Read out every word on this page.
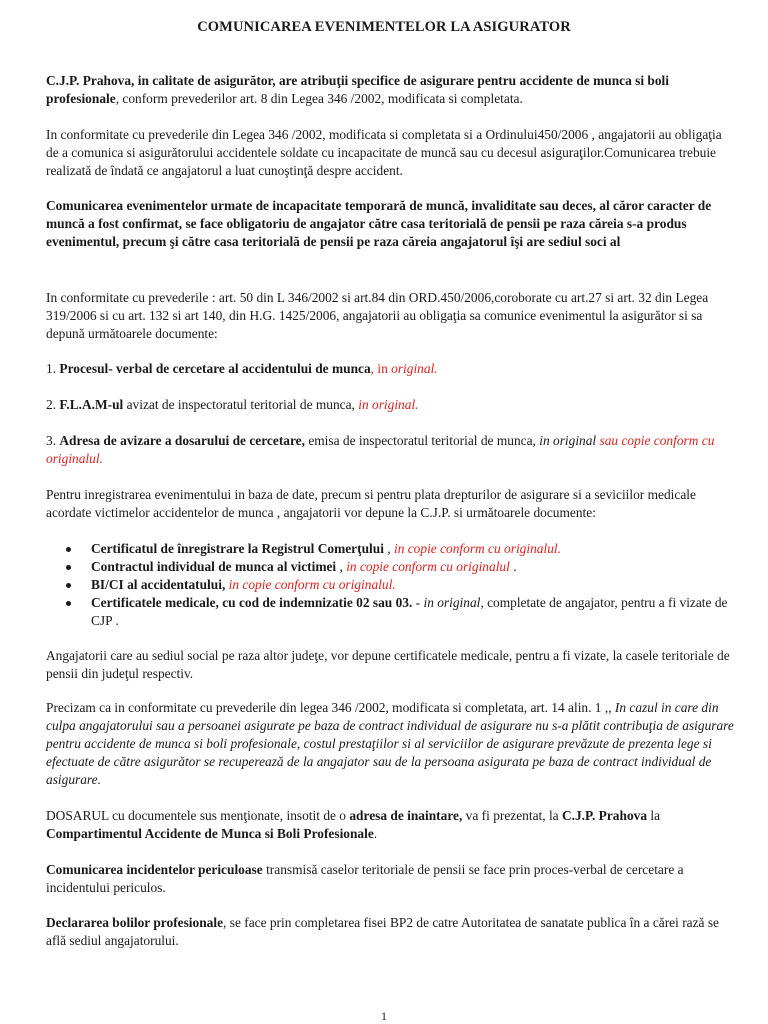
COMUNICAREA EVENIMENTELOR LA ASIGURATOR
C.J.P. Prahova, in calitate de asigurător, are atribuţii specifice de asigurare pentru accidente de munca si boli profesionale, conform prevederilor art. 8 din Legea 346 /2002, modificata si completata.
In conformitate cu prevederile din Legea 346 /2002, modificata si completata si a Ordinului450/2006 , angajatorii au obligaţia de a comunica si asigurătorului accidentele soldate cu incapacitate de muncă sau cu decesul asiguraţilor.Comunicarea trebuie realizată de îndată ce angajatorul a luat cunoştinţă despre accident.
Comunicarea evenimentelor urmate de incapacitate temporară de muncă, invaliditate sau deces, al căror caracter de muncă a fost confirmat, se face obligatoriu de angajator către casa teritorială de pensii pe raza căreia s-a produs evenimentul, precum şi către casa teritorială de pensii pe raza căreia angajatorul îşi are sediul soci al
In conformitate cu prevederile : art. 50 din L 346/2002 si art.84 din ORD.450/2006,coroborate cu art.27 si art. 32 din Legea 319/2006 si cu art. 132 si art 140, din H.G. 1425/2006, angajatorii au obligaţia sa comunice evenimentul la asigurător si sa depună următoarele documente:
1. Procesul- verbal de cercetare al accidentului de munca, in original.
2. F.L.A.M-ul avizat de inspectoratul teritorial de munca, in original.
3. Adresa de avizare a dosarului de cercetare, emisa de inspectoratul teritorial de munca, in original sau copie conform cu originalul.
Pentru inregistrarea evenimentului in baza de date, precum si pentru plata drepturilor de asigurare si a seviciilor medicale acordate victimelor accidentelor de munca , angajatorii vor depune la C.J.P. si următoarele documente:
Certificatul de înregistrare la Registrul Comerţului , in copie conform cu originalul.
Contractul individual de munca al victimei , in copie conform cu originalul .
BI/CI al accidentatului, in copie conform cu originalul.
Certificatele medicale, cu cod de indemnizatie 02 sau 03. - in original, completate de angajator, pentru a fi vizate de CJP .
Angajatorii care au sediul social pe raza altor judeţe, vor depune certificatele medicale, pentru a fi vizate, la casele teritoriale de pensii din judeţul respectiv.
Precizam ca in conformitate cu prevederile din legea 346 /2002, modificata si completata, art. 14 alin. 1 ,, In cazul in care din culpa angajatorului sau a persoanei asigurate pe baza de contract individual de asigurare nu s-a plătit contribuţia de asigurare pentru accidente de munca si boli profesionale, costul prestaţiilor si al serviciilor de asigurare prevăzute de prezenta lege si efectuate de către asigurător se recuperează de la angajator sau de la persoana asigurata pe baza de contract individual de asigurare.
DOSARUL cu documentele sus menţionate, insotit de o adresa de inaintare, va fi prezentat, la C.J.P. Prahova la Compartimentul Accidente de Munca si Boli Profesionale.
Comunicarea incidentelor periculoase transmisă caselor teritoriale de pensii se face prin proces-verbal de cercetare a incidentului periculos.
Declararea bolilor profesionale, se face prin completarea fisei BP2 de catre Autoritatea de sanatate publica în a cărei rază se află sediul angajatorului.
1
